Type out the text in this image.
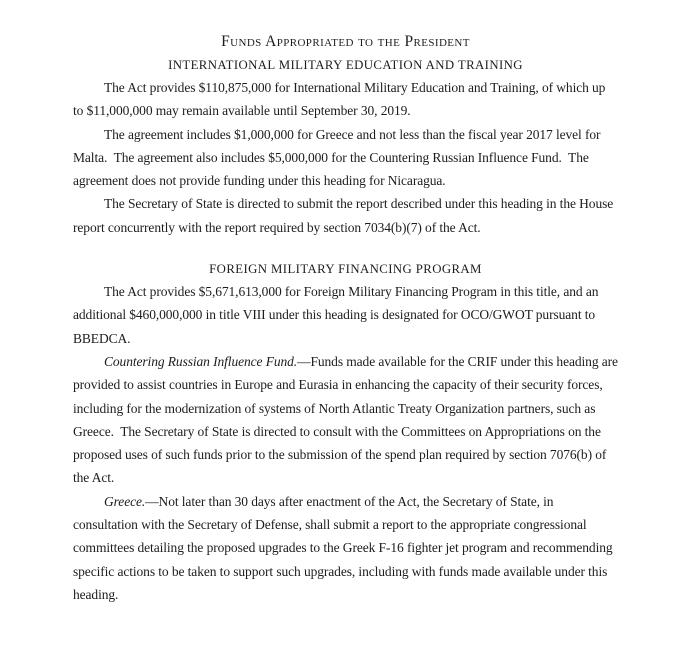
Funds Appropriated to the President
INTERNATIONAL MILITARY EDUCATION AND TRAINING

The Act provides $110,875,000 for International Military Education and Training, of which up to $11,000,000 may remain available until September 30, 2019.

The agreement includes $1,000,000 for Greece and not less than the fiscal year 2017 level for Malta.  The agreement also includes $5,000,000 for the Countering Russian Influence Fund.  The agreement does not provide funding under this heading for Nicaragua.

The Secretary of State is directed to submit the report described under this heading in the House report concurrently with the report required by section 7034(b)(7) of the Act.

FOREIGN MILITARY FINANCING PROGRAM

The Act provides $5,671,613,000 for Foreign Military Financing Program in this title, and an additional $460,000,000 in title VIII under this heading is designated for OCO/GWOT pursuant to BBEDCA.

Countering Russian Influence Fund.—Funds made available for the CRIF under this heading are provided to assist countries in Europe and Eurasia in enhancing the capacity of their security forces, including for the modernization of systems of North Atlantic Treaty Organization partners, such as Greece.  The Secretary of State is directed to consult with the Committees on Appropriations on the proposed uses of such funds prior to the submission of the spend plan required by section 7076(b) of the Act.

Greece.—Not later than 30 days after enactment of the Act, the Secretary of State, in consultation with the Secretary of Defense, shall submit a report to the appropriate congressional committees detailing the proposed upgrades to the Greek F-16 fighter jet program and recommending specific actions to be taken to support such upgrades, including with funds made available under this heading.
